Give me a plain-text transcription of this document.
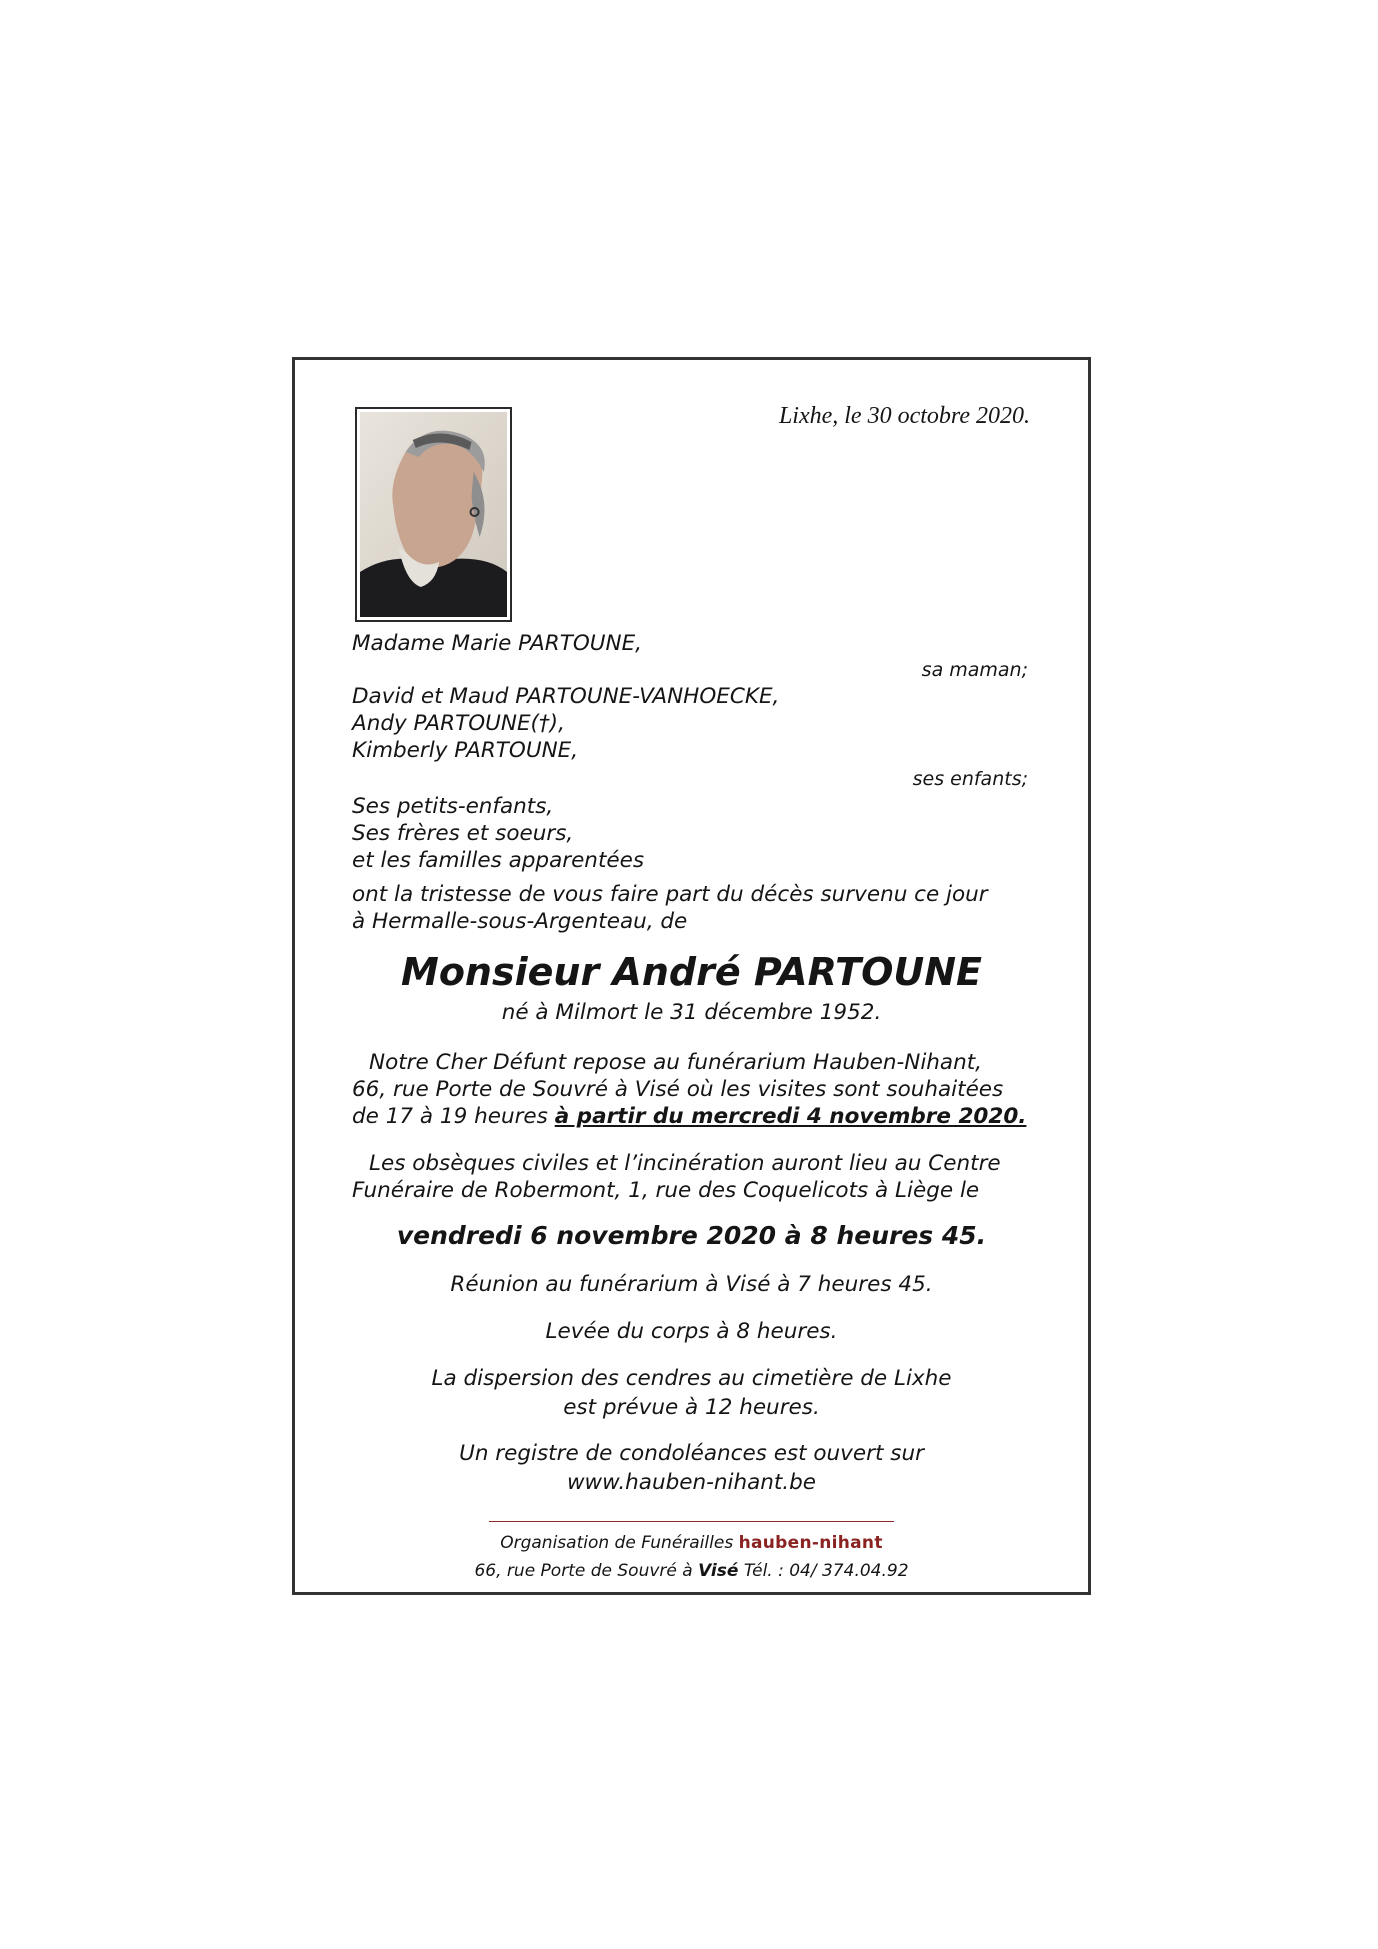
Lixhe, le 30 octobre 2020.
Madame Marie PARTOUNE,
sa maman;
David et Maud PARTOUNE-VANHOECKE,
Andy PARTOUNE(†),
Kimberly PARTOUNE,
ses enfants;
Ses petits-enfants,
Ses frères et soeurs,
et les familles apparentées
ont la tristesse de vous faire part du décès survenu ce jour
à Hermalle-sous-Argenteau, de
Monsieur André PARTOUNE
né à Milmort le 31 décembre 1952.
Notre Cher Défunt repose au funérarium Hauben-Nihant,
66, rue Porte de Souvré à Visé où les visites sont souhaitées
de 17 à 19 heures à partir du mercredi 4 novembre 2020.
Les obsèques civiles et l’incinération auront lieu au Centre
Funéraire de Robermont, 1, rue des Coquelicots à Liège le
vendredi 6 novembre 2020 à 8 heures 45.
Réunion au funérarium à Visé à 7 heures 45.
Levée du corps à 8 heures.
La dispersion des cendres au cimetière de Lixhe
est prévue à 12 heures.
Un registre de condoléances est ouvert sur
www.hauben-nihant.be
Organisation de Funérailles hauben-nihant
66, rue Porte de Souvré à Visé Tél. : 04/ 374.04.92
